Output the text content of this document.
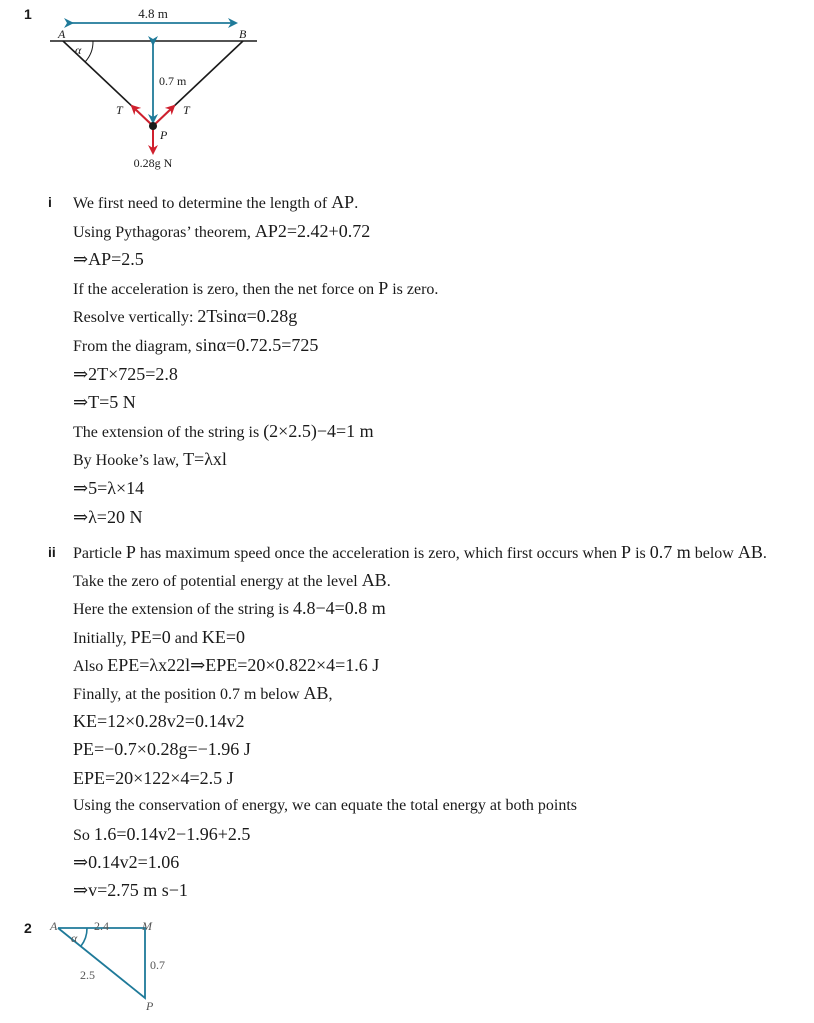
1	4.8 m
A	B
α
0.7 m
T	T
P
0.28g N
i We first need to determine the length of AP.
Using Pythagoras’ theorem, AP2=2.42+0.72
⇒AP=2.5
If the acceleration is zero, then the net force on P is zero.
Resolve vertically: 2Tsinα=0.28g
From the diagram, sinα=0.72.5=725
⇒2T×725=2.8
⇒T=5 N
The extension of the string is (2×2.5)−4=1 m
By Hooke’s law, T=λxl
⇒5=λ×14
⇒λ=20 N
ii Particle P has maximum speed once the acceleration is zero, which first occurs when P is 0.7 m below AB.
Take the zero of potential energy at the level AB.
Here the extension of the string is 4.8−4=0.8 m
Initially, PE=0 and KE=0
Also EPE=λx22l⇒EPE=20×0.822×4=1.6 J
Finally, at the position 0.7 m below AB,
KE=12×0.28v2=0.14v2
PE=−0.7×0.28g=−1.96 J
EPE=20×122×4=2.5 J
Using the conservation of energy, we can equate the total energy at both points
So 1.6=0.14v2−1.96+2.5
⇒0.14v2=1.06
⇒v=2.75 m s−1
2 A	M
P
α
2.4
0.7
2.5
